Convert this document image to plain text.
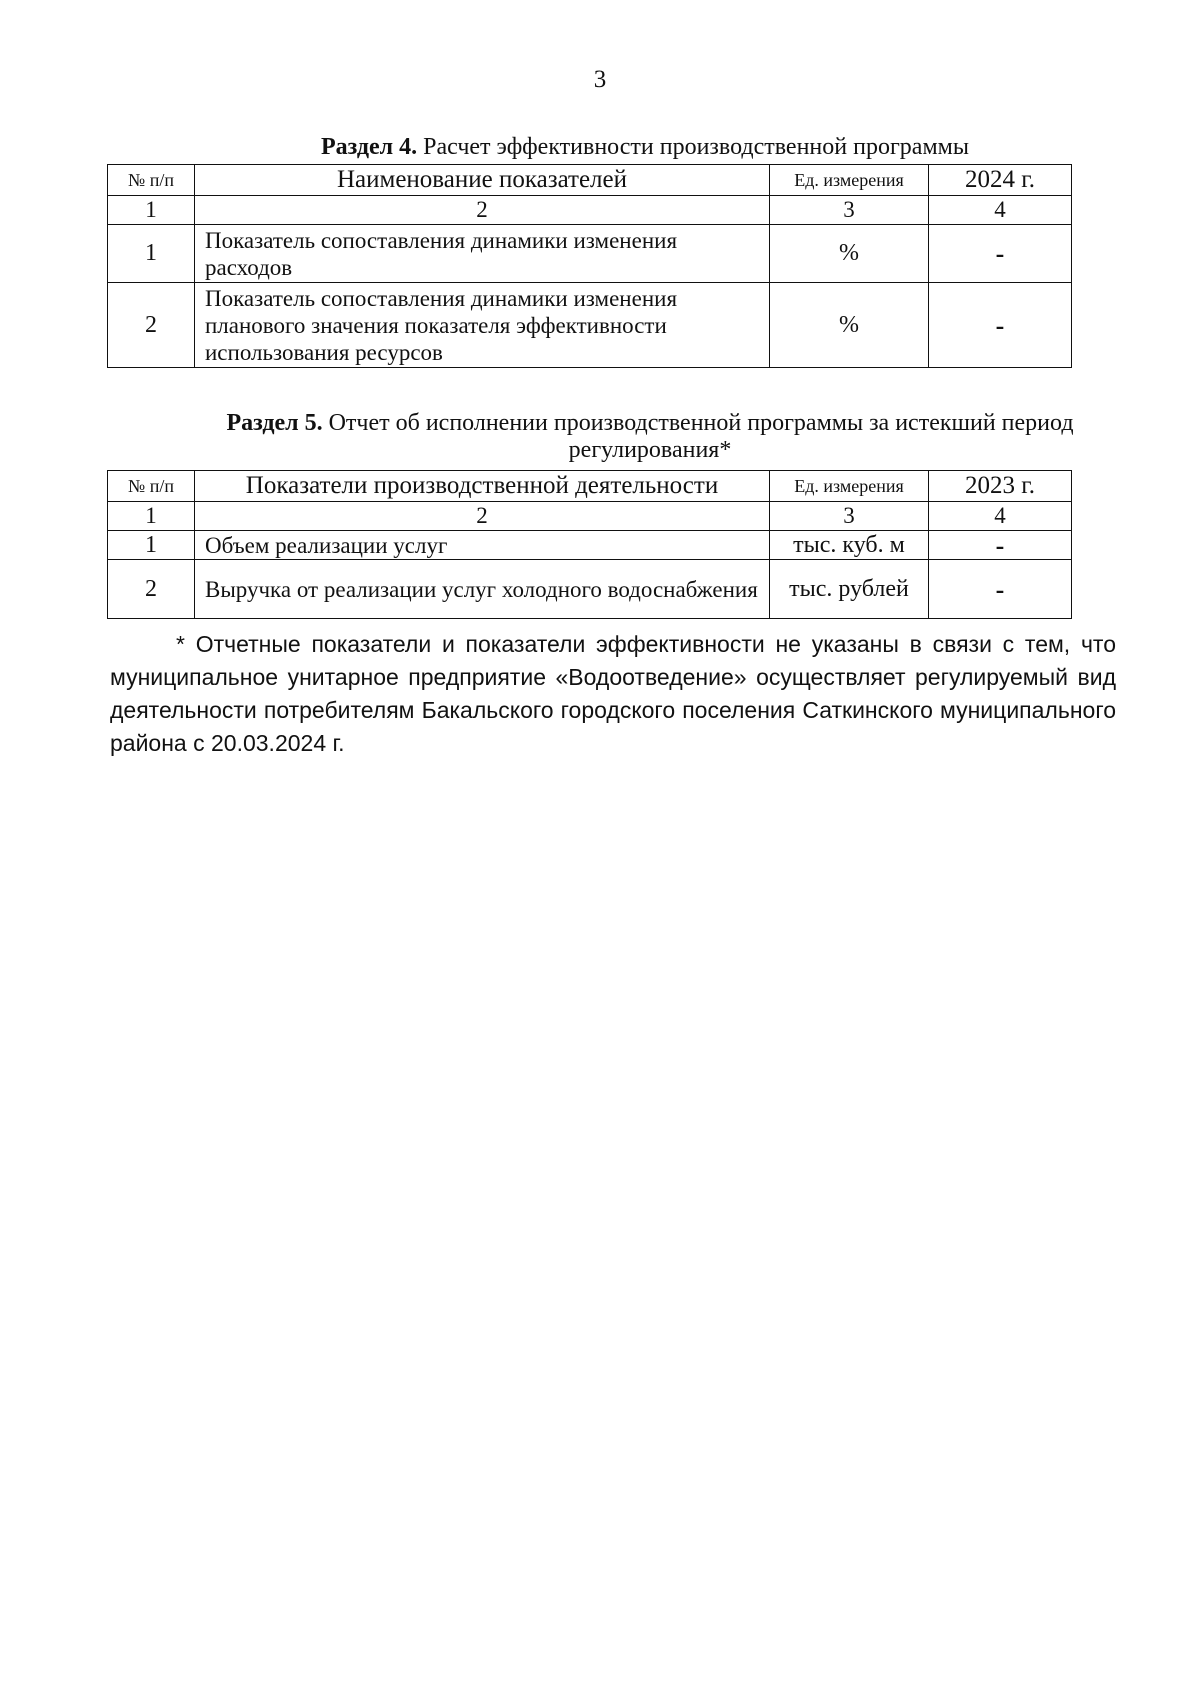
3
Раздел 4. Расчет эффективности производственной программы
№ п/п	Наименование показателей	Ед. измерения	2024 г.
1	2	3	4
1	Показатель сопоставления динамики изменения расходов	%	-
2	Показатель сопоставления динамики изменения планового значения показателя эффективности использования ресурсов	%	-
Раздел 5. Отчет об исполнении производственной программы за истекший период регулирования*
№ п/п	Показатели производственной деятельности	Ед. измерения	2023 г.
1	2	3	4
1	Объем реализации услуг	тыс. куб. м	-
2	Выручка от реализации услуг холодного водоснабжения	тыс. рублей	-
* Отчетные показатели и показатели эффективности не указаны в связи с тем, что муниципальное унитарное предприятие «Водоотведение» осуществляет регулируемый вид деятельности потребителям Бакальского городского поселения Саткинского муниципального района с 20.03.2024 г.
